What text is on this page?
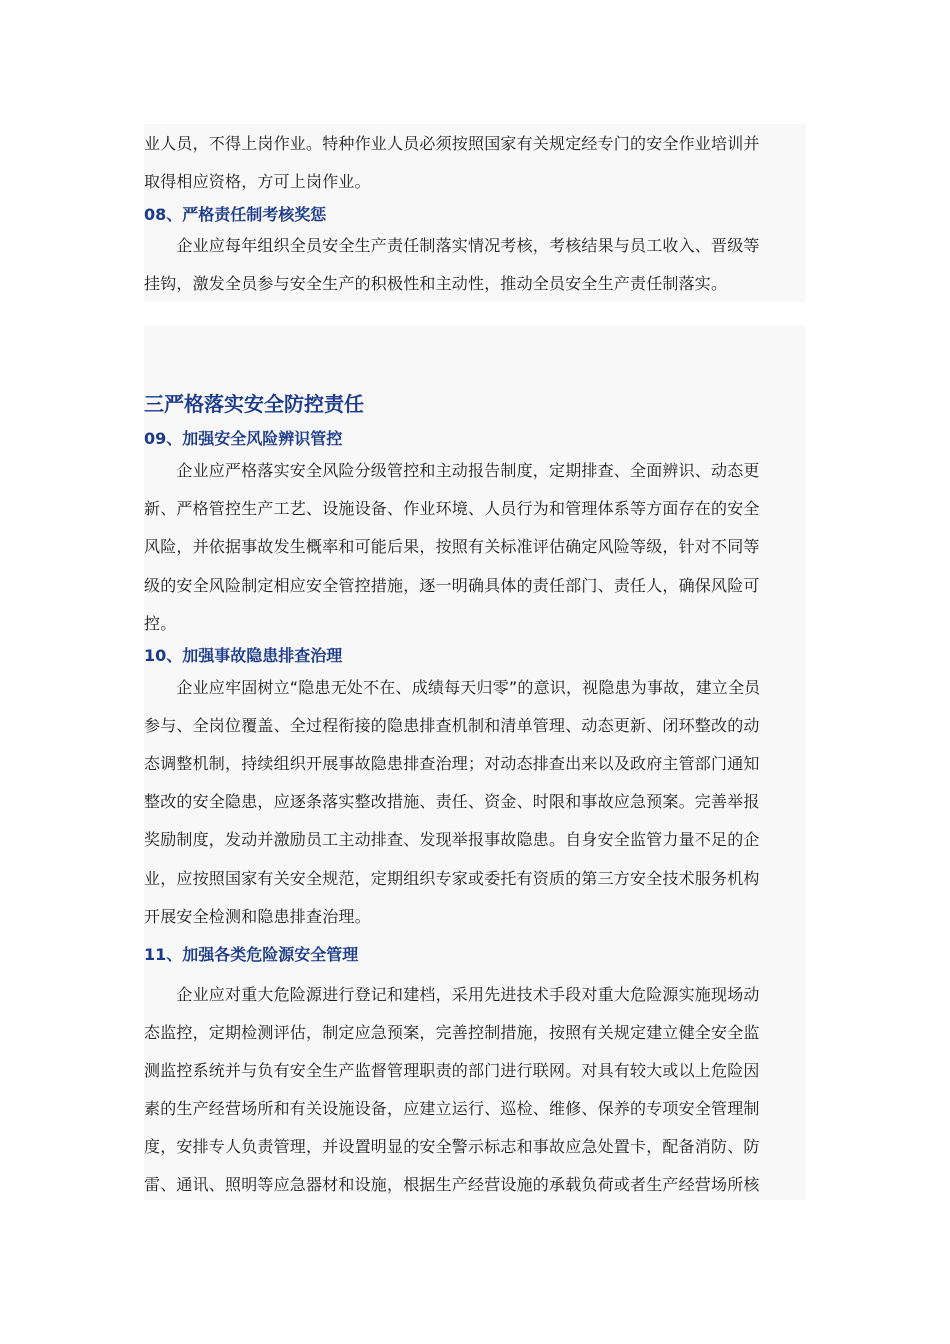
业人员，不得上岗作业。特种作业人员必须按照国家有关规定经专门的安全作业培训并
取得相应资格，方可上岗作业。
08、严格责任制考核奖惩
　　企业应每年组织全员安全生产责任制落实情况考核，考核结果与员工收入、晋级等
挂钩，激发全员参与安全生产的积极性和主动性，推动全员安全生产责任制落实。
三严格落实安全防控责任
09、加强安全风险辨识管控
　　企业应严格落实安全风险分级管控和主动报告制度，定期排查、全面辨识、动态更
新、严格管控生产工艺、设施设备、作业环境、人员行为和管理体系等方面存在的安全
风险，并依据事故发生概率和可能后果，按照有关标准评估确定风险等级，针对不同等
级的安全风险制定相应安全管控措施，逐一明确具体的责任部门、责任人，确保风险可
控。
10、加强事故隐患排查治理
　　企业应牢固树立“隐患无处不在、成绩每天归零”的意识，视隐患为事故，建立全员
参与、全岗位覆盖、全过程衔接的隐患排查机制和清单管理、动态更新、闭环整改的动
态调整机制，持续组织开展事故隐患排查治理；对动态排查出来以及政府主管部门通知
整改的安全隐患，应逐条落实整改措施、责任、资金、时限和事故应急预案。完善举报
奖励制度，发动并激励员工主动排查、发现举报事故隐患。自身安全监管力量不足的企
业，应按照国家有关安全规范，定期组织专家或委托有资质的第三方安全技术服务机构
开展安全检测和隐患排查治理。
11、加强各类危险源安全管理
　　企业应对重大危险源进行登记和建档，采用先进技术手段对重大危险源实施现场动
态监控，定期检测评估，制定应急预案，完善控制措施，按照有关规定建立健全安全监
测监控系统并与负有安全生产监督管理职责的部门进行联网。对具有较大或以上危险因
素的生产经营场所和有关设施设备，应建立运行、巡检、维修、保养的专项安全管理制
度，安排专人负责管理，并设置明显的安全警示标志和事故应急处置卡，配备消防、防
雷、通讯、照明等应急器材和设施，根据生产经营设施的承载负荷或者生产经营场所核
